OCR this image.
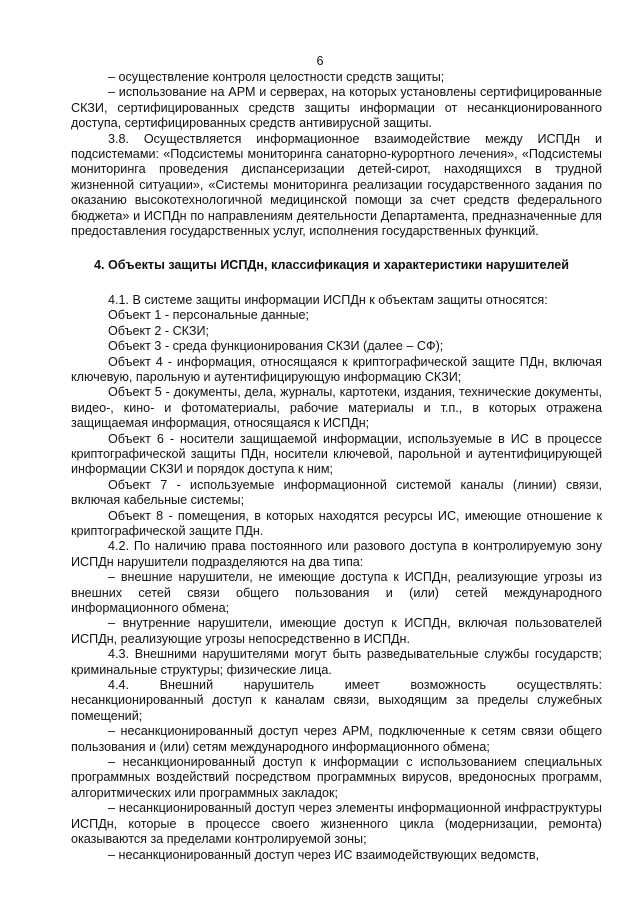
6

– осуществление контроля целостности средств защиты;

– использование на АРМ и серверах, на которых установлены сертифицированные СКЗИ, сертифицированных средств защиты информации от несанкционированного доступа, сертифицированных средств антивирусной защиты.

3.8. Осуществляется информационное взаимодействие между ИСПДн и подсистемами: «Подсистемы мониторинга санаторно-курортного лечения», «Подсистемы мониторинга проведения диспансеризации детей-сирот, находящихся в трудной жизненной ситуации», «Системы мониторинга реализации государственного задания по оказанию высокотехнологичной медицинской помощи за счет средств федерального бюджета» и ИСПДн по направлениям деятельности Департамента, предназначенные для предоставления государственных услуг, исполнения государственных функций.

4. Объекты защиты ИСПДн, классификация и характеристики нарушителей

4.1. В системе защиты информации ИСПДн к объектам защиты относятся:

Объект 1 - персональные данные;

Объект 2 - СКЗИ;

Объект 3 - среда функционирования СКЗИ (далее – СФ);

Объект 4 - информация, относящаяся к криптографической защите ПДн, включая ключевую, парольную и аутентифицирующую информацию СКЗИ;

Объект 5 - документы, дела, журналы, картотеки, издания, технические документы, видео-, кино- и фотоматериалы, рабочие материалы и т.п., в которых отражена защищаемая информация, относящаяся к ИСПДн;

Объект 6 - носители защищаемой информации, используемые в ИС в процессе криптографической защиты ПДн, носители ключевой, парольной и аутентифицирующей информации СКЗИ и порядок доступа к ним;

Объект 7 - используемые информационной системой каналы (линии) связи, включая кабельные системы;

Объект 8 - помещения, в которых находятся ресурсы ИС, имеющие отношение к криптографической защите ПДн.

4.2. По наличию права постоянного или разового доступа в контролируемую зону ИСПДн нарушители подразделяются на два типа:

– внешние нарушители, не имеющие доступа к ИСПДн, реализующие угрозы из внешних сетей связи общего пользования и (или) сетей международного информационного обмена;

– внутренние нарушители, имеющие доступ к ИСПДн, включая пользователей ИСПДн, реализующие угрозы непосредственно в ИСПДн.

4.3. Внешними нарушителями могут быть разведывательные службы государств; криминальные структуры; физические лица.

4.4. Внешний нарушитель имеет возможность осуществлять: несанкционированный доступ к каналам связи, выходящим за пределы служебных помещений;

– несанкционированный доступ через АРМ, подключенные к сетям связи общего пользования и (или) сетям международного информационного обмена;

– несанкционированный доступ к информации с использованием специальных программных воздействий посредством программных вирусов, вредоносных программ, алгоритмических или программных закладок;

– несанкционированный доступ через элементы информационной инфраструктуры ИСПДн, которые в процессе своего жизненного цикла (модернизации, ремонта) оказываются за пределами контролируемой зоны;

– несанкционированный доступ через ИС взаимодействующих ведомств,
